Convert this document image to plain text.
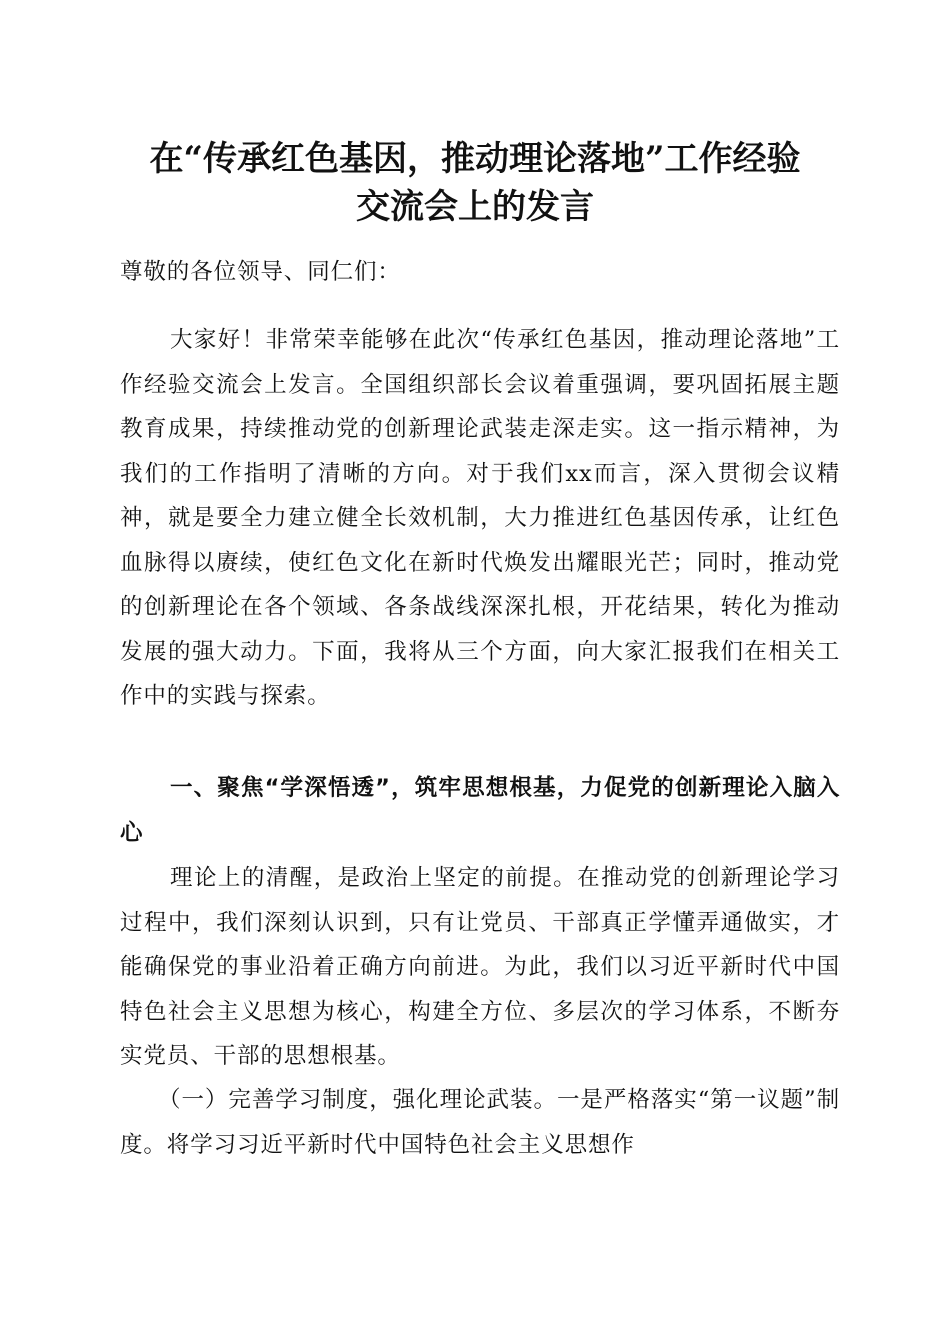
在“传承红色基因，推动理论落地”工作经验
交流会上的发言

尊敬的各位领导、同仁们：

大家好！非常荣幸能够在此次“传承红色基因，推动理论落地”工作经验交流会上发言。全国组织部长会议着重强调，要巩固拓展主题教育成果，持续推动党的创新理论武装走深走实。这一指示精神，为我们的工作指明了清晰的方向。对于我们xx而言，深入贯彻会议精神，就是要全力建立健全长效机制，大力推进红色基因传承，让红色血脉得以赓续，使红色文化在新时代焕发出耀眼光芒；同时，推动党的创新理论在各个领域、各条战线深深扎根，开花结果，转化为推动发展的强大动力。下面，我将从三个方面，向大家汇报我们在相关工作中的实践与探索。

一、聚焦“学深悟透”，筑牢思想根基，力促党的创新理论入脑入心

理论上的清醒，是政治上坚定的前提。在推动党的创新理论学习过程中，我们深刻认识到，只有让党员、干部真正学懂弄通做实，才能确保党的事业沿着正确方向前进。为此，我们以习近平新时代中国特色社会主义思想为核心，构建全方位、多层次的学习体系，不断夯实党员、干部的思想根基。

（一）完善学习制度，强化理论武装。一是严格落实“第一议题”制度。将学习习近平新时代中国特色社会主义思想作
